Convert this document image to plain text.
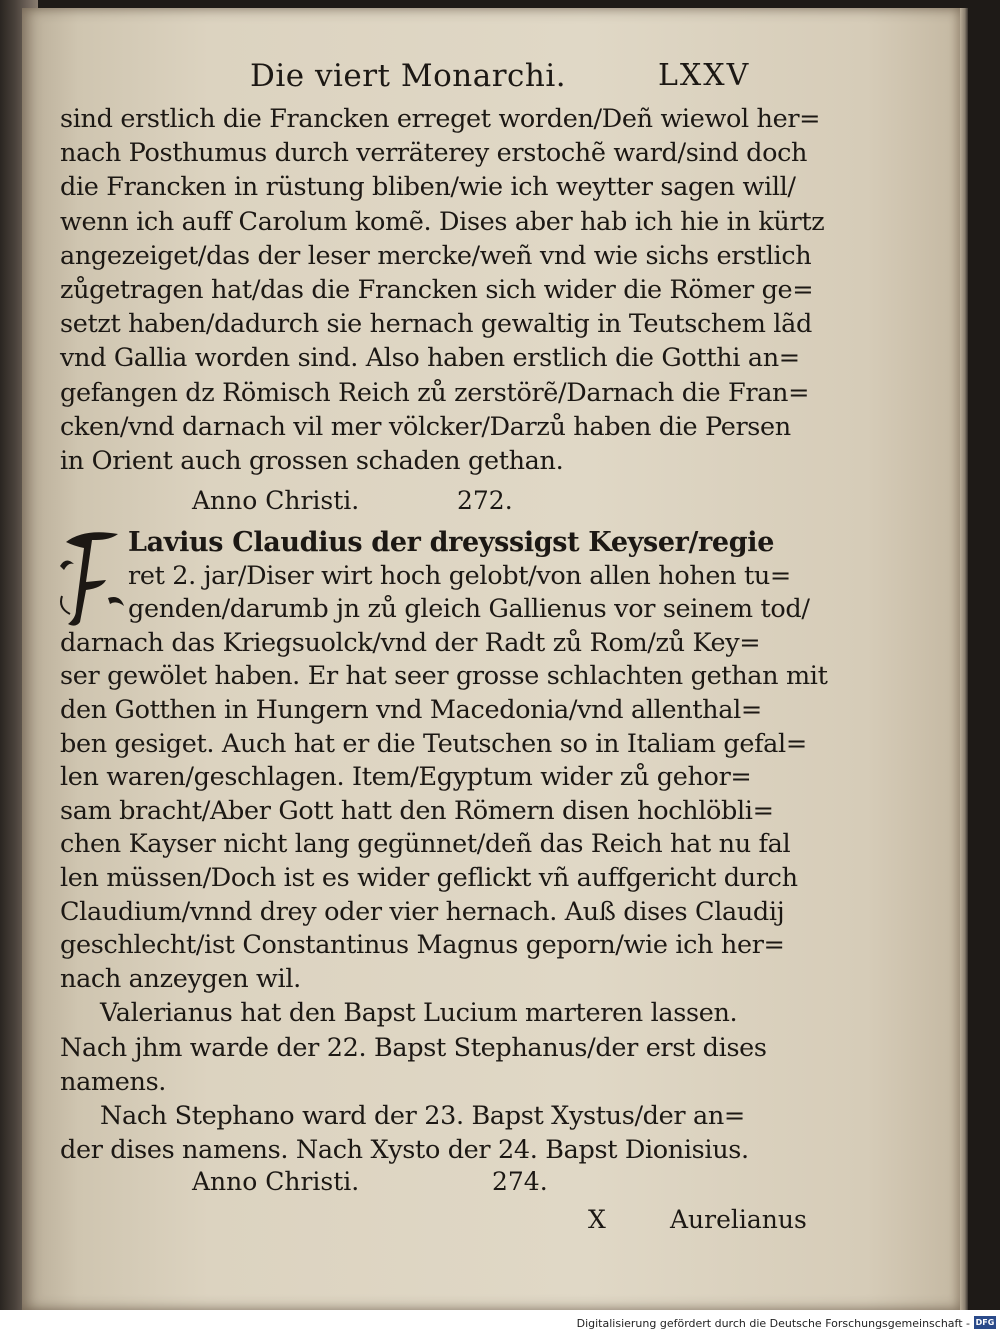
Die viert Monarchi.	LXXV
sind erstlich die Francken erreget worden/Deñ wiewol her=
nach Posthumus durch verräterey erstochẽ ward/sind doch
die Francken in rüstung bliben/wie ich weytter sagen will/
wenn ich auff Carolum komẽ. Dises aber hab ich hie in kürtz
angezeiget/das der leser mercke/weñ vnd wie sichs erstlich
zůgetragen hat/das die Francken sich wider die Römer ge=
setzt haben/dadurch sie hernach gewaltig in Teutschem lãd
vnd Gallia worden sind. Also haben erstlich die Gotthi an=
gefangen dz Römisch Reich zů zerstörẽ/Darnach die Fran=
cken/vnd darnach vil mer völcker/Darzů haben die Persen
in Orient auch grossen schaden gethan.
Anno Christi.	272.
Lavius Claudius der dreyssigst Keyser/regie
ret 2. jar/Diser wirt hoch gelobt/von allen hohen tu=
genden/darumb jn zů gleich Gallienus vor seinem tod/
darnach das Kriegsuolck/vnd der Radt zů Rom/zů Key=
ser gewölet haben. Er hat seer grosse schlachten gethan mit
den Gotthen in Hungern vnd Macedonia/vnd allenthal=
ben gesiget. Auch hat er die Teutschen so in Italiam gefal=
len waren/geschlagen. Item/Egyptum wider zů gehor=
sam bracht/Aber Gott hatt den Römern disen hochlöbli=
chen Kayser nicht lang gegünnet/deñ das Reich hat nu fal
len müssen/Doch ist es wider geflickt vñ auffgericht durch
Claudium/vnnd drey oder vier hernach. Auß dises Claudij
geschlecht/ist Constantinus Magnus geporn/wie ich her=
nach anzeygen wil.
Valerianus hat den Bapst Lucium marteren lassen.
Nach jhm warde der 22. Bapst Stephanus/der erst dises
namens.
Nach Stephano ward der 23. Bapst Xystus/der an=
der dises namens. Nach Xysto der 24. Bapst Dionisius.
Anno Christi.	274.
X	Aurelianus
Digitalisierung gefördert durch die Deutsche Forschungsgemeinschaft - DFG
